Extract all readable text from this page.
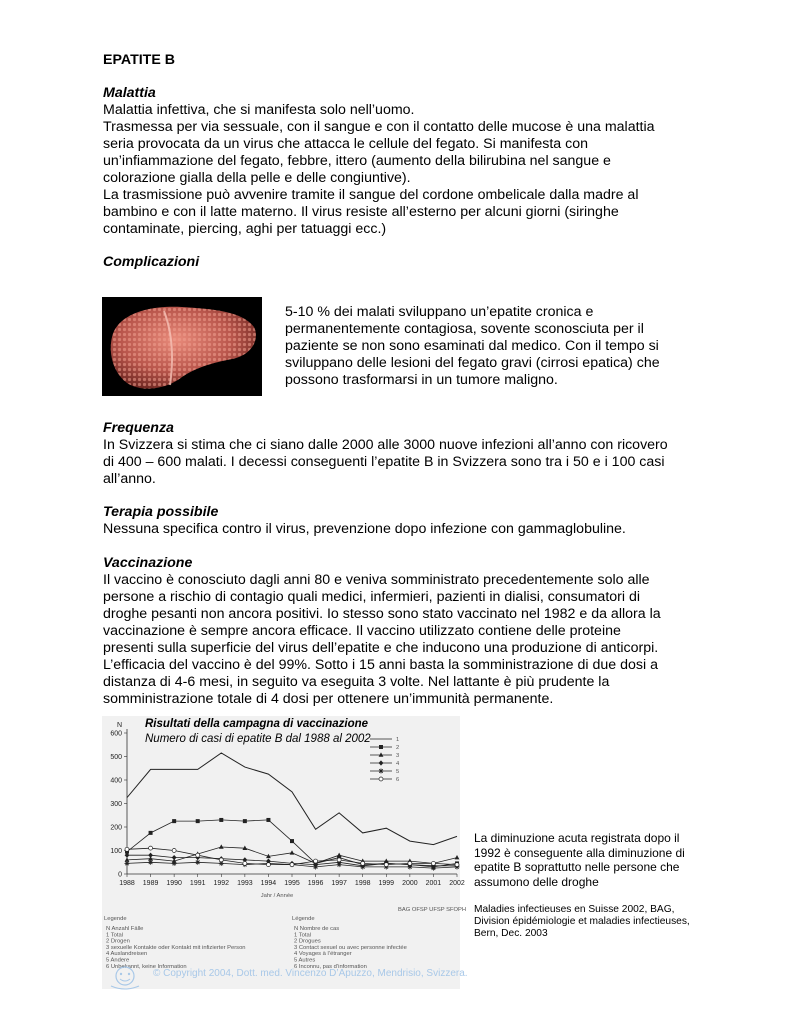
EPATITE B
Malattia
Malattia infettiva, che si manifesta solo nell’uomo.
Trasmessa per via sessuale, con il sangue e con il contatto delle mucose è una malattia
seria provocata da un virus che attacca le cellule del fegato. Si manifesta con
un’infiammazione del fegato, febbre, ittero (aumento della bilirubina nel sangue e
colorazione gialla della pelle e delle congiuntive).
La trasmissione può avvenire tramite il sangue del cordone ombelicale dalla madre al
bambino e con il latte materno. Il virus resiste all’esterno per alcuni giorni (siringhe
contaminate, piercing, aghi per tatuaggi ecc.)
Complicazioni
5-10 % dei malati sviluppano un’epatite cronica e
permanentemente contagiosa, sovente sconosciuta per il
paziente se non sono esaminati dal medico. Con il tempo si
sviluppano delle lesioni del fegato gravi (cirrosi epatica) che
possono trasformarsi in un tumore maligno.
Frequenza
In Svizzera si stima che ci siano dalle 2000 alle 3000 nuove infezioni all’anno con ricovero
di 400 – 600 malati. I decessi conseguenti l’epatite B in Svizzera sono tra i 50 e i 100 casi
all’anno.
Terapia possibile
Nessuna specifica contro il virus, prevenzione dopo infezione con gammaglobuline.
Vaccinazione
Il vaccino è conosciuto dagli anni 80 e veniva somministrato precedentemente solo alle
persone a rischio di contagio quali medici, infermieri, pazienti in dialisi, consumatori di
droghe pesanti non ancora positivi. Io stesso sono stato vaccinato nel 1982 e da allora la
vaccinazione è sempre ancora efficace. Il vaccino utilizzato contiene delle proteine
presenti sulla superficie del virus dell’epatite e che inducono una produzione di anticorpi.
L’efficacia del vaccino è del 99%. Sotto i 15 anni basta la somministrazione di due dosi a
distanza di 4-6 mesi, in seguito va eseguita 3 volte. Nel lattante è più prudente la
somministrazione totale di 4 dosi per ottenere un’immunità permanente.
N
0
100
200
300
400
500
600
1988 1989 1990 1991 1992 1993 1994 1995 1996 1997 1998 1999 2000 2001 2002
Jahr / Année
BAG OFSP UFSP SFOPH
1
2
3
4
5
6
Legende
N Anzahl Fälle
1 Total
2 Drogen
3 sexuelle Kontakte oder Kontakt mit infizierter Person
4 Auslandreisen
5 Andere
6 Unbekannt, keine Information
Légende
N Nombre de cas
1 Total
2 Drogues
3 Contact sexuel ou avec personne infectée
4 Voyages à l’étranger
5 Autres
6 Inconnu, pas d’information
Risultati della campagna di vaccinazione
Numero di casi di epatite B dal 1988 al 2002
La diminuzione acuta registrata dopo il
1992 è conseguente alla diminuzione di
epatite B soprattutto nelle persone che
assumono delle droghe
Maladies infectieuses en Suisse 2002, BAG,
Division épidémiologie et maladies infectieuses,
Bern, Dec. 2003
© Copyright 2004, Dott. med. Vincenzo D’Apuzzo, Mendrisio, Svizzera.
